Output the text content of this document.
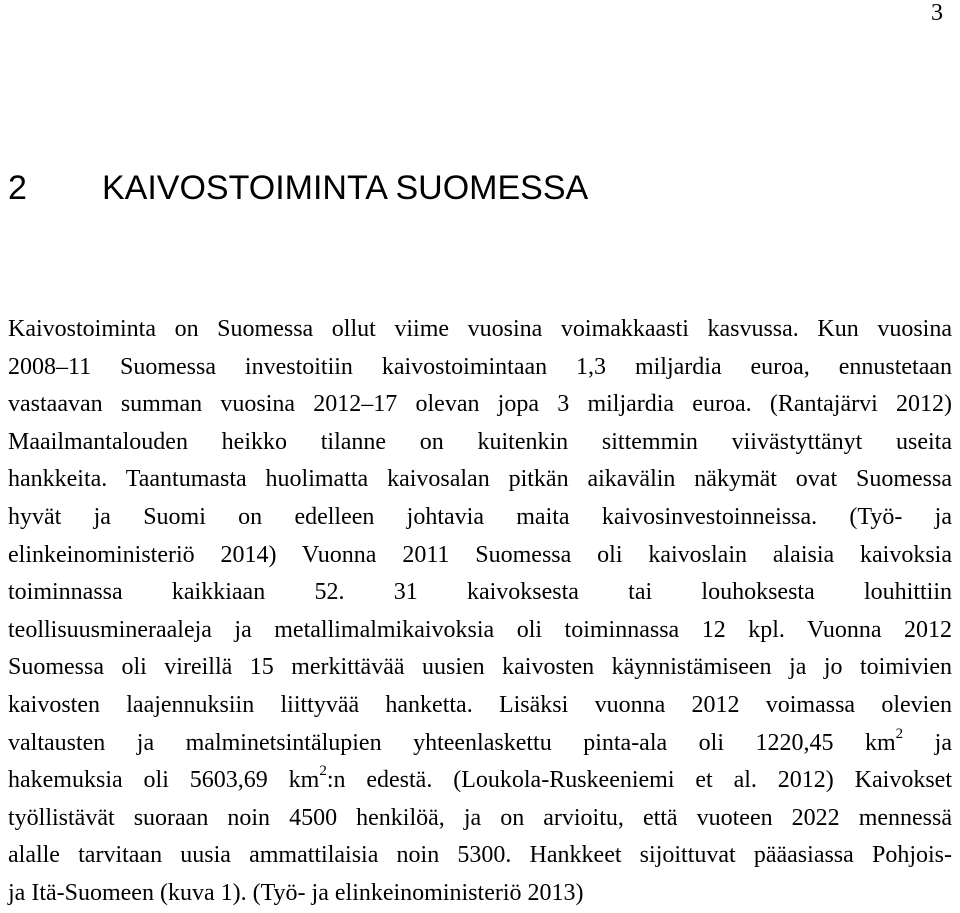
3
2 KAIVOSTOIMINTA SUOMESSA
Kaivostoiminta on Suomessa ollut viime vuosina voimakkaasti kasvussa. Kun vuosina
2008–11 Suomessa investoitiin kaivostoimintaan 1,3 miljardia euroa, ennustetaan
vastaavan summan vuosina 2012–17 olevan jopa 3 miljardia euroa. (Rantajärvi 2012)
Maailmantalouden heikko tilanne on kuitenkin sittemmin viivästyttänyt useita
hankkeita. Taantumasta huolimatta kaivosalan pitkän aikavälin näkymät ovat Suomessa
hyvät ja Suomi on edelleen johtavia maita kaivosinvestoinneissa. (Työ- ja
elinkeinoministeriö 2014) Vuonna 2011 Suomessa oli kaivoslain alaisia kaivoksia
toiminnassa kaikkiaan 52. 31 kaivoksesta tai louhoksesta louhittiin
teollisuusmineraaleja ja metallimalmikaivoksia oli toiminnassa 12 kpl. Vuonna 2012
Suomessa oli vireillä 15 merkittävää uusien kaivosten käynnistämiseen ja jo toimivien
kaivosten laajennuksiin liittyvää hanketta. Lisäksi vuonna 2012 voimassa olevien
valtausten ja malminetsintälupien yhteenlaskettu pinta-ala oli 1220,45 $km^2$ ja
hakemuksia oli 5603,69 $km^2:n$ edestä. (Loukola-Ruskeeniemi et al. 2012) Kaivokset
työllistävät suoraan noin 4500 henkilöä, ja on arvioitu, että vuoteen 2022 mennessä
alalle tarvitaan uusia ammattilaisia noin 5300. Hankkeet sijoittuvat pääasiassa Pohjois-
ja Itä-Suomeen (kuva 1). (Työ- ja elinkeinoministeriö 2013)
